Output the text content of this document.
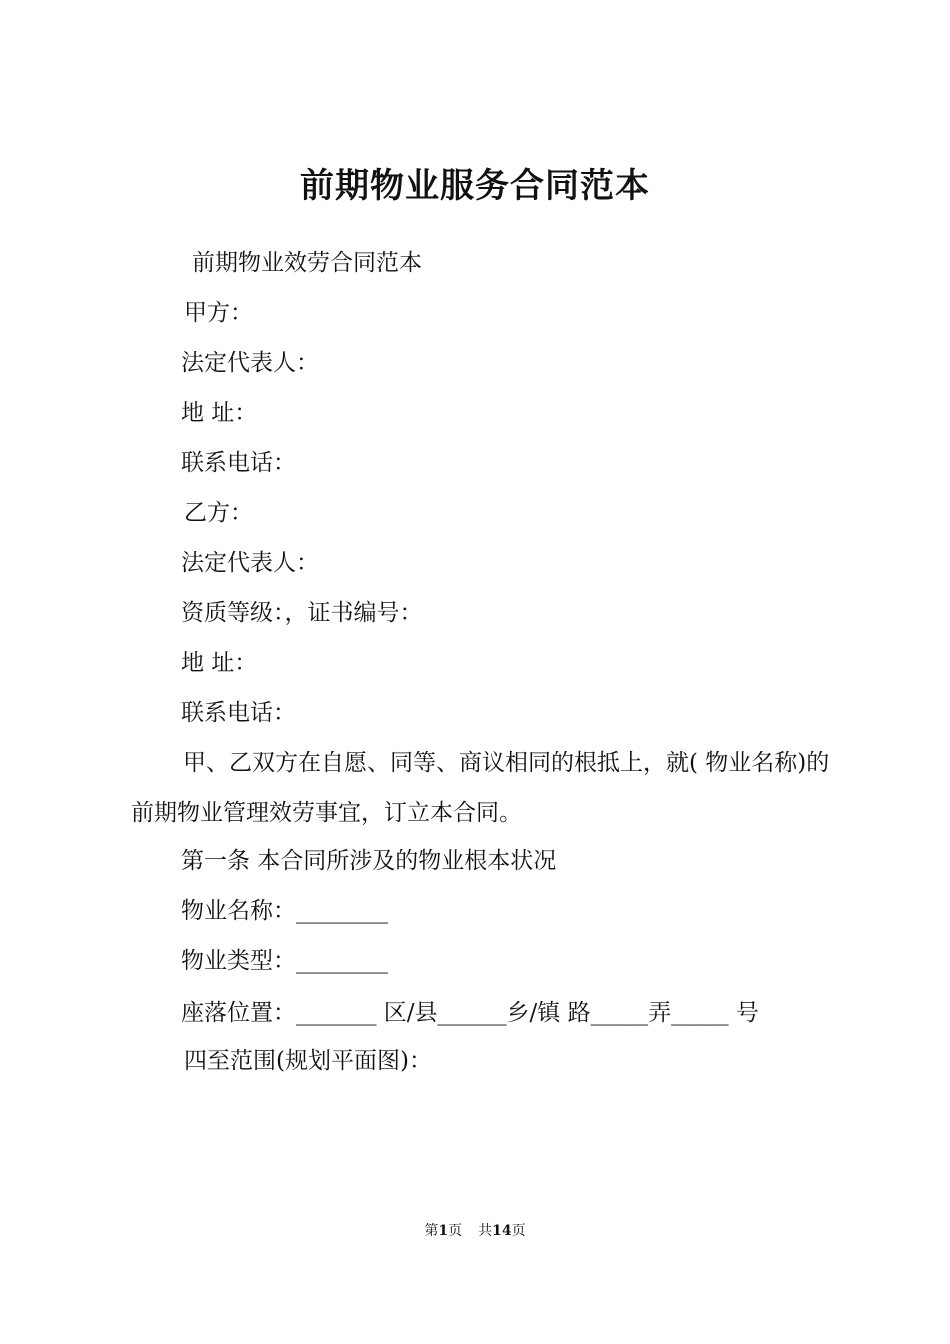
前期物业服务合同范本
前期物业效劳合同范本
甲方：
法定代表人：
地 址：
联系电话：
乙方：
法定代表人：
资质等级：，证书编号：
地 址：
联系电话：
甲、乙双方在自愿、同等、商议相同的根抵上，就( 物业名称)的前期物业管理效劳事宜，订立本合同。
第一条 本合同所涉及的物业根本状况
物业名称：________
物业类型：________
座落位置：_______ 区/县______乡/镇 路_____弄_____ 号
四至范围(规划平面图)：
第1页 共14页
